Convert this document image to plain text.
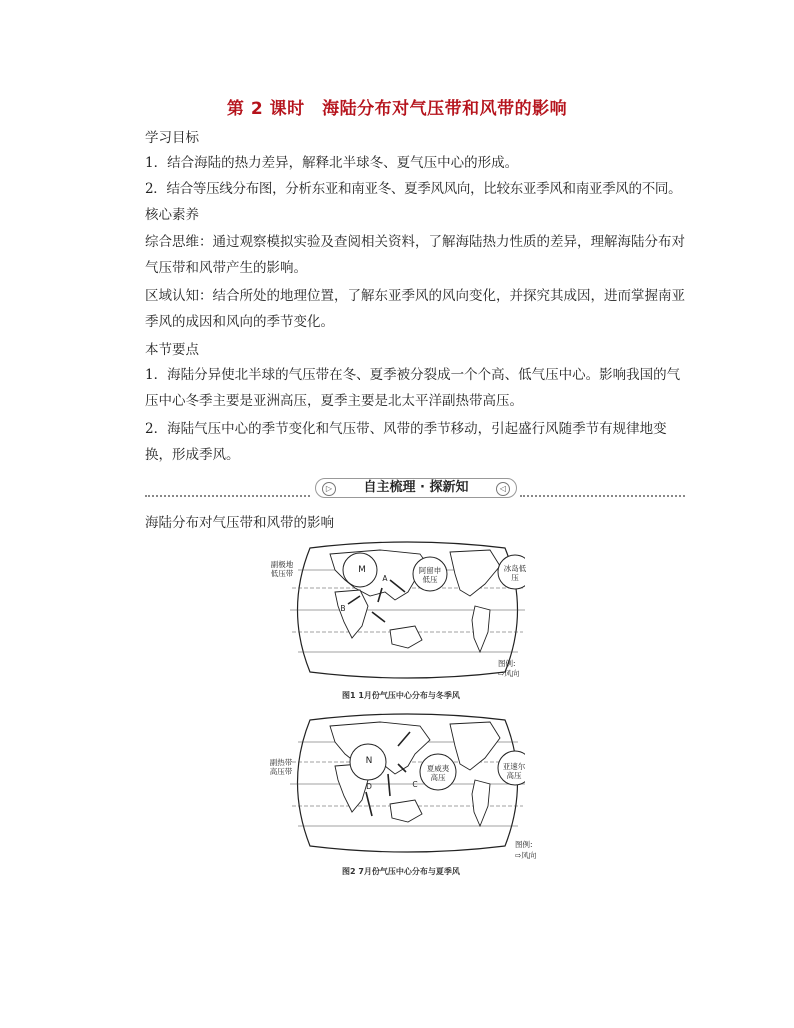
第 2 课时　海陆分布对气压带和风带的影响
学习目标
1．结合海陆的热力差异，解释北半球冬、夏气压中心的形成。
2．结合等压线分布图，分析东亚和南亚冬、夏季风风向，比较东亚季风和南亚季风的不同。
核心素养
综合思维：通过观察模拟实验及查阅相关资料，了解海陆热力性质的差异，理解海陆分布对气压带和风带产生的影响。
区域认知：结合所处的地理位置，了解东亚季风的风向变化，并探究其成因，进而掌握南亚季风的成因和风向的季节变化。
本节要点
1．海陆分异使北半球的气压带在冬、夏季被分裂成一个个高、低气压中心。影响我国的气压中心冬季主要是亚洲高压，夏季主要是北太平洋副热带高压。
2．海陆气压中心的季节变化和气压带、风带的季节移动，引起盛行风随季节有规律地变换，形成季风。
▷	自主梳理 · 探新知	◁
海陆分布对气压带和风带的影响
副极地低压带	M
A
B
阿留申低压
冰岛低压
图例:
⇨风向
图1 1月份气压中心分布与冬季风
副热带高压带
N
C
D
夏威夷高压
亚速尔高压
图例:
⇨风向
图2 7月份气压中心分布与夏季风
